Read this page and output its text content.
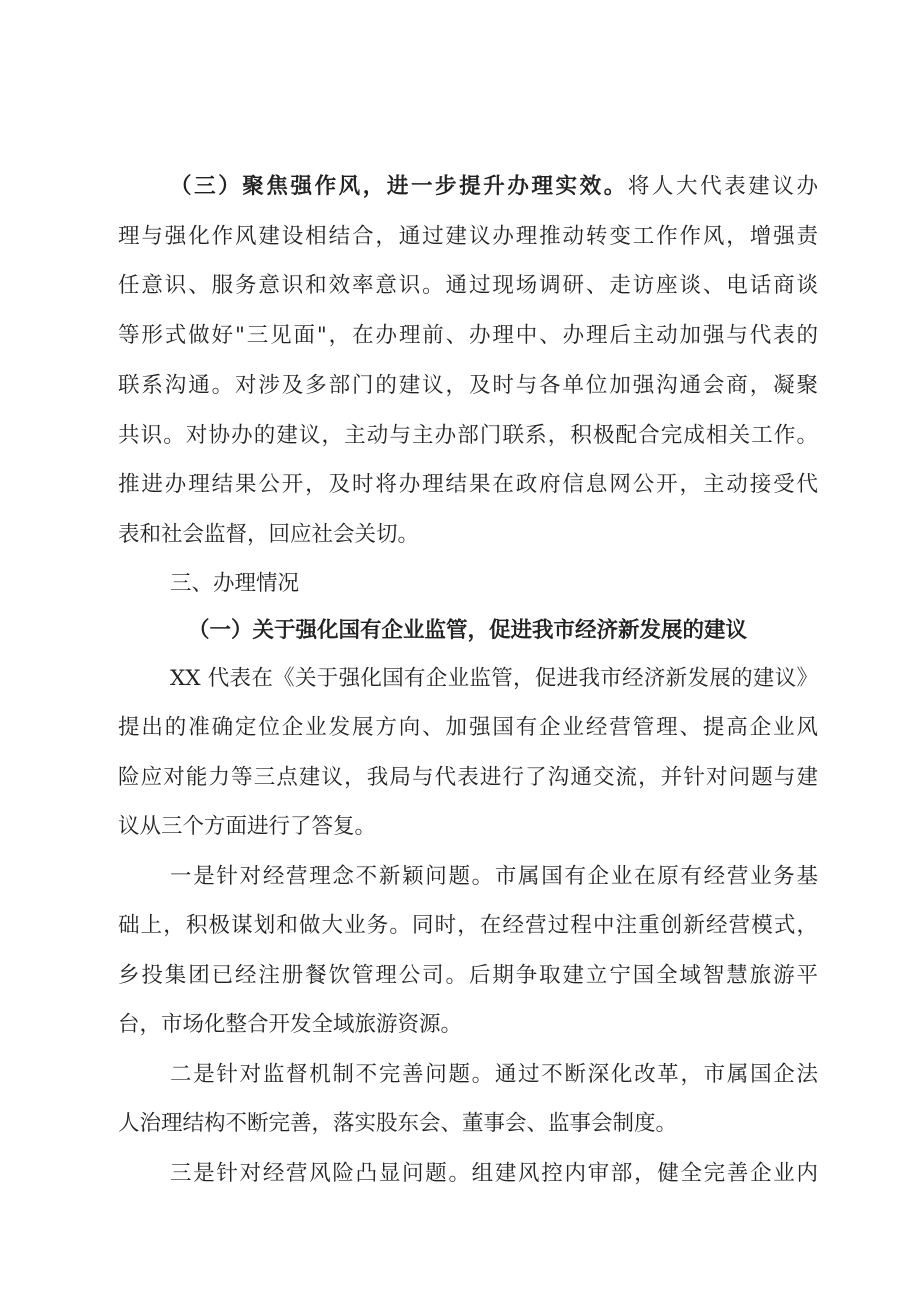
（三）聚焦强作风，进一步提升办理实效。将人大代表建议办
理与强化作风建设相结合，通过建议办理推动转变工作作风，增强责
任意识、服务意识和效率意识。通过现场调研、走访座谈、电话商谈
等形式做好"三见面"，在办理前、办理中、办理后主动加强与代表的
联系沟通。对涉及多部门的建议，及时与各单位加强沟通会商，凝聚
共识。对协办的建议，主动与主办部门联系，积极配合完成相关工作。
推进办理结果公开，及时将办理结果在政府信息网公开，主动接受代
表和社会监督，回应社会关切。
三、办理情况
（一）关于强化国有企业监管，促进我市经济新发展的建议
XX 代表在《关于强化国有企业监管，促进我市经济新发展的建议》
提出的准确定位企业发展方向、加强国有企业经营管理、提高企业风
险应对能力等三点建议，我局与代表进行了沟通交流，并针对问题与建
议从三个方面进行了答复。
一是针对经营理念不新颖问题。市属国有企业在原有经营业务基
础上，积极谋划和做大业务。同时，在经营过程中注重创新经营模式，
乡投集团已经注册餐饮管理公司。后期争取建立宁国全域智慧旅游平
台，市场化整合开发全域旅游资源。
二是针对监督机制不完善问题。通过不断深化改革，市属国企法
人治理结构不断完善，落实股东会、董事会、监事会制度。
三是针对经营风险凸显问题。组建风控内审部，健全完善企业内
